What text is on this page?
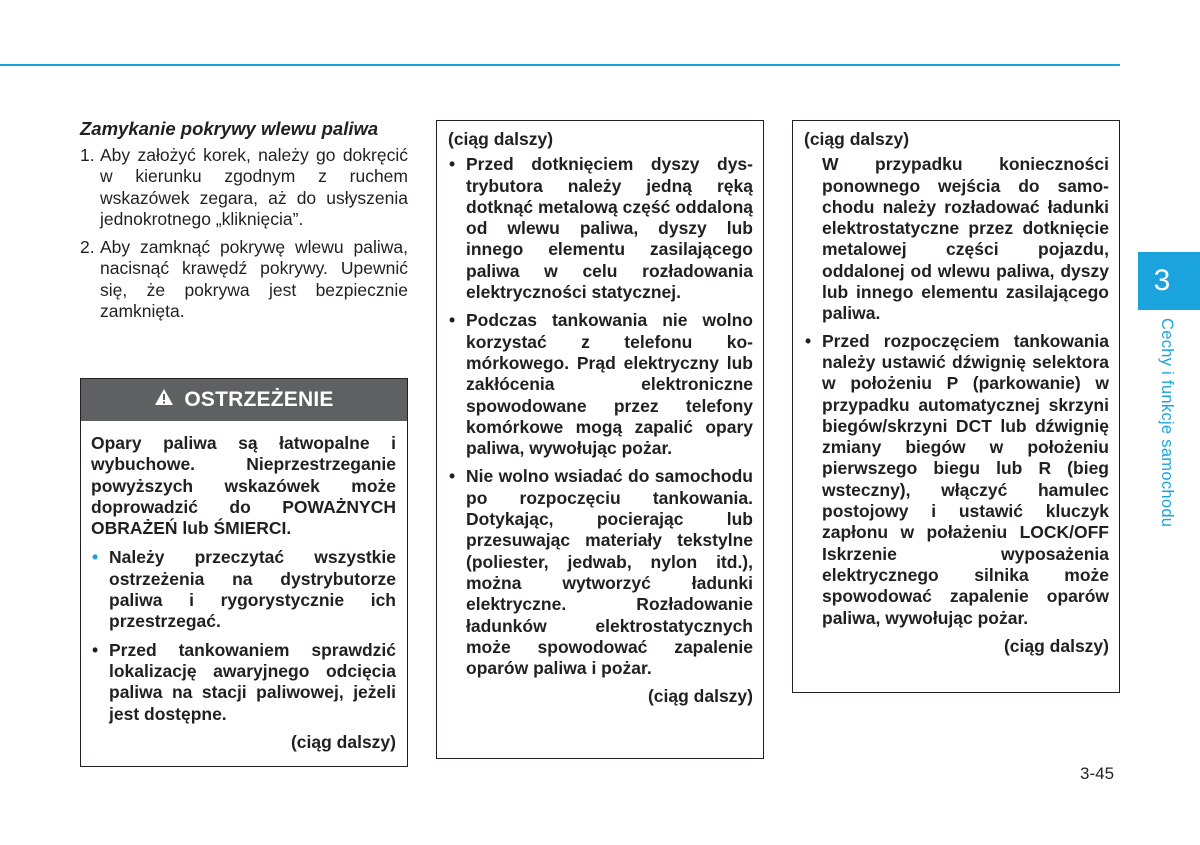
Zamykanie pokrywy wlewu paliwa

1. Aby założyć korek, należy go dokręcić w kierunku zgodnym z ruchem wskazówek zegara, aż do usłyszenia jednokrotnego „kliknięcia”.
2. Aby zamknąć pokrywę wlewu paliwa, nacisnąć krawędź pokrywy. Upewnić się, że pokrywa jest bezpiecznie zamknięta.
OSTRZEŻENIE

Opary paliwa są łatwopalne i wybuchowe. Nieprzestrzeganie powyższych wskazówek może doprowadzić do POWAŻNYCH OBRAŻEŃ lub ŚMIERCI.

• Należy przeczytać wszystkie ostrzeżenia na dystrybutorze paliwa i rygorystycznie ich przestrzegać.
• Przed tankowaniem sprawdzić lokalizację awaryjnego odcięcia paliwa na stacji paliwowej, jeżeli jest dostępne.

(ciąg dalszy)

(ciąg dalszy)

• Przed dotknięciem dyszy dystrybutora należy jedną ręką dotknąć metalową część oddaloną od wlewu paliwa, dyszy lub innego elementu zasilającego paliwa w celu rozładowania elektryczności statycznej.
• Podczas tankowania nie wolno korzystać z telefonu komórkowego. Prąd elektryczny lub zakłócenia elektroniczne spowodowane przez telefony komórkowe mogą zapalić opary paliwa, wywołując pożar.
• Nie wolno wsiadać do samochodu po rozpoczęciu tankowania. Dotykając, pocierając lub przesuwając materiały tekstylne (poliester, jedwab, nylon itd.), można wytworzyć ładunki elektryczne. Rozładowanie ładunków elektrostatycznych może spowodować zapalenie oparów paliwa i pożar.

(ciąg dalszy)

(ciąg dalszy)

W przypadku konieczności ponownego wejścia do samochodu należy rozładować ładunki elektrostatyczne przez dotknięcie metalowej części pojazdu, oddalonej od wlewu paliwa, dyszy lub innego elementu zasilającego paliwa.

• Przed rozpoczęciem tankowania należy ustawić dźwignię selektora w położeniu P (parkowanie) w przypadku automatycznej skrzyni biegów/skrzyni DCT lub dźwignię zmiany biegów w położeniu pierwszego biegu lub R (bieg wsteczny), włączyć hamulec postojowy i ustawić kluczyk zapłonu w połażeniu LOCK/OFF Iskrzenie wyposażenia elektrycznego silnika może spowodować zapalenie oparów paliwa, wywołując pożar.

(ciąg dalszy)

3
Cechy i funkcje samochodu
3-45
